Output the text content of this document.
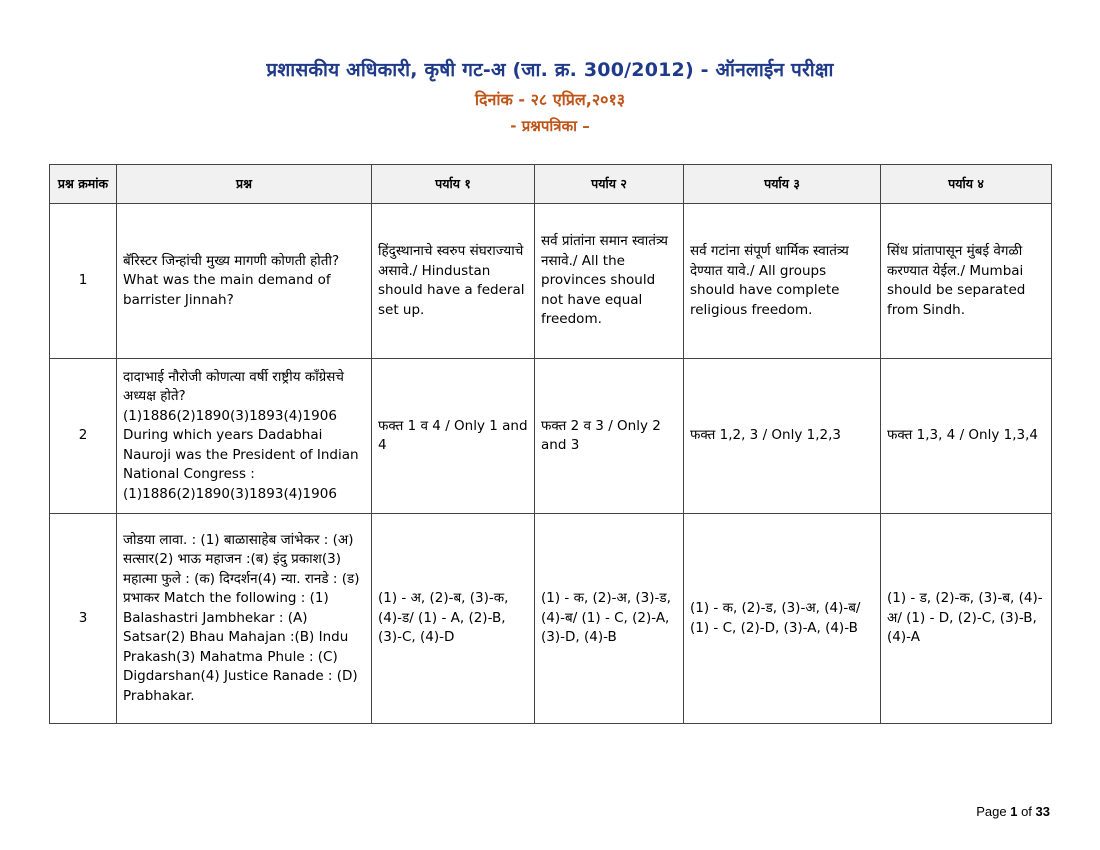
प्रशासकीय अधिकारी, कृषी गट-अ (जा. क्र. 300/2012) - ऑनलाईन परीक्षा
दिनांक - २८ एप्रिल,२०१३
- प्रश्नपत्रिका –
प्रश्न क्रमांक	प्रश्न	पर्याय १	पर्याय २	पर्याय ३	पर्याय ४
1	बॅरिस्टर जिन्हांची मुख्य मागणी कोणती होती? What was the main demand of barrister Jinnah?	हिंदुस्थानाचे स्वरुप संघराज्याचे असावे./ Hindustan should have a federal set up.	सर्व प्रांतांना समान स्वातंत्र्य नसावे./ All the provinces should not have equal freedom.	सर्व गटांना संपूर्ण धार्मिक स्वातंत्र्य देण्यात यावे./ All groups should have complete religious freedom.	सिंध प्रांतापासून मुंबई वेगळी करण्यात येईल./ Mumbai should be separated from Sindh.
2	दादाभाई नौरोजी कोणत्या वर्षी राष्ट्रीय कॉंग्रेसचे अध्यक्ष होते? (1)1886(2)1890(3)1893(4)1906 During which years Dadabhai Nauroji was the President of Indian National Congress : (1)1886(2)1890(3)1893(4)1906	फक्त 1 व 4 / Only 1 and 4	फक्त 2 व 3 / Only 2 and 3	फक्त 1,2, 3 / Only 1,2,3	फक्त 1,3, 4 / Only 1,3,4
3	जोडया लावा. : (1) बाळासाहेब जांभेकर : (अ) सत्सार(2) भाऊ महाजन :(ब) इंदु प्रकाश(3) महात्मा फुले : (क) दिग्दर्शन(4) न्या. रानडे : (ड) प्रभाकर Match the following : (1) Balashastri Jambhekar : (A) Satsar(2) Bhau Mahajan :(B) Indu Prakash(3) Mahatma Phule : (C) Digdarshan(4) Justice Ranade : (D) Prabhakar.	(1) - अ, (2)-ब, (3)-क, (4)-ड/ (1) - A, (2)-B, (3)-C, (4)-D	(1) - क, (2)-अ, (3)-ड, (4)-ब/ (1) - C, (2)-A, (3)-D, (4)-B	(1) - क, (2)-ड, (3)-अ, (4)-ब/ (1) - C, (2)-D, (3)-A, (4)-B	(1) - ड, (2)-क, (3)-ब, (4)-अ/ (1) - D, (2)-C, (3)-B, (4)-A
Page 1 of 33
